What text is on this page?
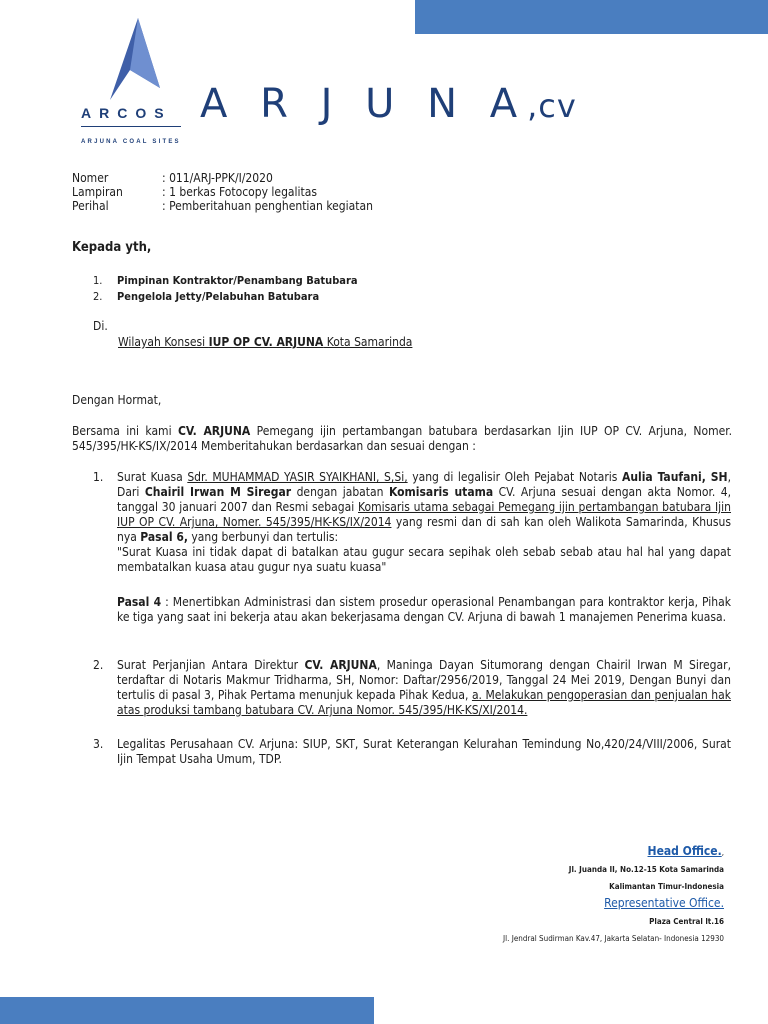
ARCOS
ARJUNA COAL SITES
A R J U N A,cv
Nomer	: 011/ARJ-PPK/I/2020
Lampiran	: 1 berkas Fotocopy legalitas
Perihal	: Pemberitahuan penghentian kegiatan
Kepada yth,
1.	Pimpinan Kontraktor/Penambang Batubara
2.	Pengelola Jetty/Pelabuhan Batubara
Di.
Wilayah Konsesi IUP OP CV. ARJUNA Kota Samarinda
Dengan Hormat,
Bersama ini kami CV. ARJUNA Pemegang ijin pertambangan batubara berdasarkan Ijin IUP OP CV. Arjuna, Nomer. 545/395/HK-KS/IX/2014 Memberitahukan berdasarkan dan sesuai dengan :
1.	Surat Kuasa Sdr. MUHAMMAD YASIR SYAIKHANI, S,Si, yang di legalisir Oleh Pejabat Notaris Aulia Taufani, SH, Dari Chairil Irwan M Siregar dengan jabatan Komisaris utama CV. Arjuna sesuai dengan akta Nomor. 4, tanggal 30 januari 2007 dan Resmi sebagai Komisaris utama sebagai Pemegang ijin pertambangan batubara Ijin IUP OP CV. Arjuna, Nomer. 545/395/HK-KS/IX/2014 yang resmi dan di sah kan oleh Walikota Samarinda, Khusus nya Pasal 6, yang berbunyi dan tertulis:
"Surat Kuasa ini tidak dapat di batalkan atau gugur secara sepihak oleh sebab sebab atau hal hal yang dapat membatalkan kuasa atau gugur nya suatu kuasa"
Pasal 4 : Menertibkan Administrasi dan sistem prosedur operasional Penambangan para kontraktor kerja, Pihak ke tiga yang saat ini bekerja atau akan bekerjasama dengan CV. Arjuna di bawah 1 manajemen Penerima kuasa.
2.	Surat Perjanjian Antara Direktur CV. ARJUNA, Maninga Dayan Situmorang dengan Chairil Irwan M Siregar, terdaftar di Notaris Makmur Tridharma, SH, Nomor: Daftar/2956/2019, Tanggal 24 Mei 2019, Dengan Bunyi dan tertulis di pasal 3, Pihak Pertama menunjuk kepada Pihak Kedua, a. Melakukan pengoperasian dan penjualan hak atas produksi tambang batubara CV. Arjuna Nomor. 545/395/HK-KS/XI/2014.
3.	Legalitas Perusahaan CV. Arjuna: SIUP, SKT, Surat Keterangan Kelurahan Temindung No,420/24/VIII/2006, Surat Ijin Tempat Usaha Umum, TDP.
Head Office.,
Jl. Juanda II, No.12-15 Kota Samarinda
Kalimantan Timur-Indonesia
Representative Office.
Plaza Central lt.16
Jl. Jendral Sudirman Kav.47, Jakarta Selatan- Indonesia 12930
